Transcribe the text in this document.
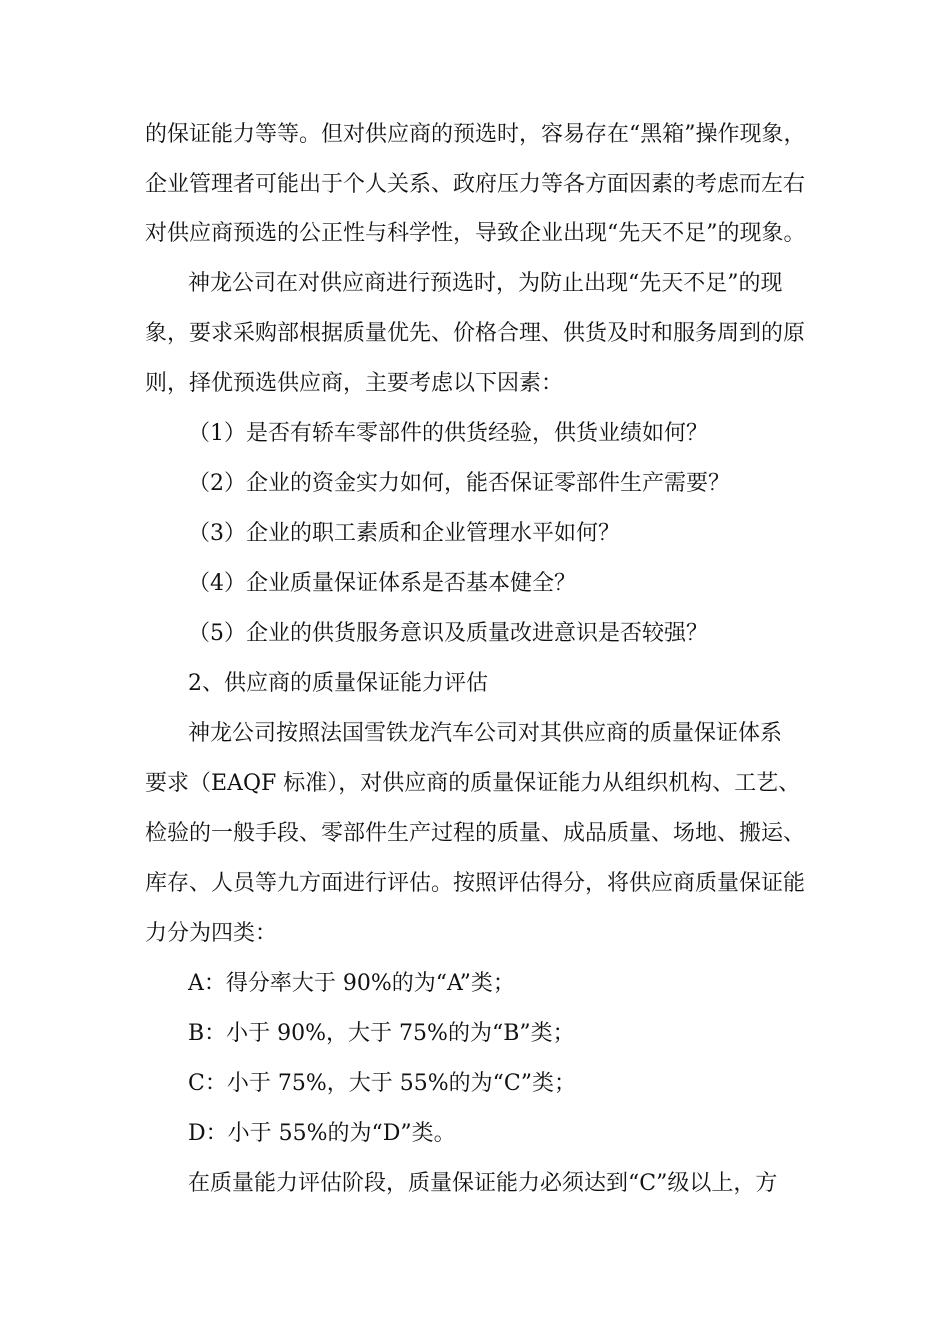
的保证能力等等。但对供应商的预选时，容易存在“黑箱”操作现象，

企业管理者可能出于个人关系、政府压力等各方面因素的考虑而左右

对供应商预选的公正性与科学性，导致企业出现“先天不足”的现象。

神龙公司在对供应商进行预选时，为防止出现“先天不足”的现

象，要求采购部根据质量优先、价格合理、供货及时和服务周到的原

则，择优预选供应商，主要考虑以下因素：

（1）是否有轿车零部件的供货经验，供货业绩如何？

（2）企业的资金实力如何，能否保证零部件生产需要？

（3）企业的职工素质和企业管理水平如何？

（4）企业质量保证体系是否基本健全？

（5）企业的供货服务意识及质量改进意识是否较强？

2、供应商的质量保证能力评估

神龙公司按照法国雪铁龙汽车公司对其供应商的质量保证体系

要求（EAQF 标准），对供应商的质量保证能力从组织机构、工艺、

检验的一般手段、零部件生产过程的质量、成品质量、场地、搬运、

库存、人员等九方面进行评估。按照评估得分，将供应商质量保证能

力分为四类：

A：得分率大于 90%的为“A”类；

B：小于 90%，大于 75%的为“B”类；

C：小于 75%，大于 55%的为“C”类；

D：小于 55%的为“D”类。

在质量能力评估阶段，质量保证能力必须达到“C”级以上，方
